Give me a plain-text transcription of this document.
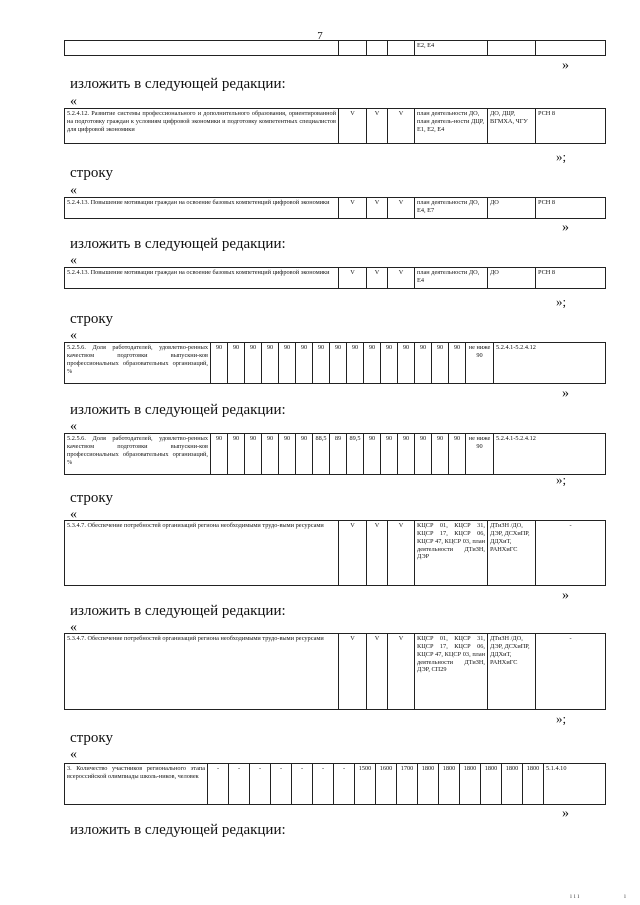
7
				Е2, Е4		
»
изложить в следующей редакции:
«
5.2.4.12. Развитие системы профессионального и дополнительного образования, ориентированной на подготовку граждан к условиям цифровой экономики и подготовку компетентных специалистов для цифровой экономики	V	V	V	план деятельности ДО, план деятель-ности ДЦР, Е1, Е2, Е4	ДО, ДЦР, ВГМХА, ЧГУ	РСН 8
»;
строку
«
5.2.4.13. Повышение мотивации граждан на освоение базовых компетенций цифровой экономики	V	V	V	план деятельности ДО, Е4, Е7	ДО	РСН 8
»
изложить в следующей редакции:
«
5.2.4.13. Повышение мотивации граждан на освоение базовых компетенций цифровой экономики	V	V	V	план деятельности ДО, Е4	ДО	РСН 8
»;
строку
«
5.2.5.6. Доля работодателей, удовлетво-ренных качеством подготовки выпускни-ков профессиональных образовательных организаций, %	90	90	90	90	90	90	90	90	90	90	90	90	90	90	90	не ниже 90	5.2.4.1-5.2.4.12
»
изложить в следующей редакции:
«
5.2.5.6. Доля работодателей, удовлетво-ренных качеством подготовки выпускни-ков профессиональных образовательных организаций, %	90	90	90	90	90	90	88,5	89	89,5	90	90	90	90	90	90	не ниже 90	5.2.4.1-5.2.4.12
»;
строку
«
5.3.4.7. Обеспечение потребностей организаций региона необходимыми трудо-выми ресурсами	V	V	V	КЦСР 01, КЦСР 31, КЦСР 17, КЦСР 06, КЦСР 47, КЦСР 03, план деятельности ДТиЗН, ДЭР	ДТиЗН /ДО, ДЭР, ДСХиПР, ДДХиТ, РАНХиГС	-
»
изложить в следующей редакции:
«
5.3.4.7. Обеспечение потребностей организаций региона необходимыми трудо-выми ресурсами	V	V	V	КЦСР 01, КЦСР 31, КЦСР 17, КЦСР 06, КЦСР 47, КЦСР 03, план деятельности ДТиЗН, ДЭР, СП29	ДТиЗН /ДО, ДЭР, ДСХиПР, ДДХиТ, РАНХиГС	-
»;
строку
«
3. Количество участников регионального этапа всероссийской олимпиады школь-ников, человек	-	-	-	-	-	-	-	1500	1600	1700	1800	1800	1800	1800	1800	1800	5.1.4.10
»
изложить в следующей редакции:
ı ı ı	ı
